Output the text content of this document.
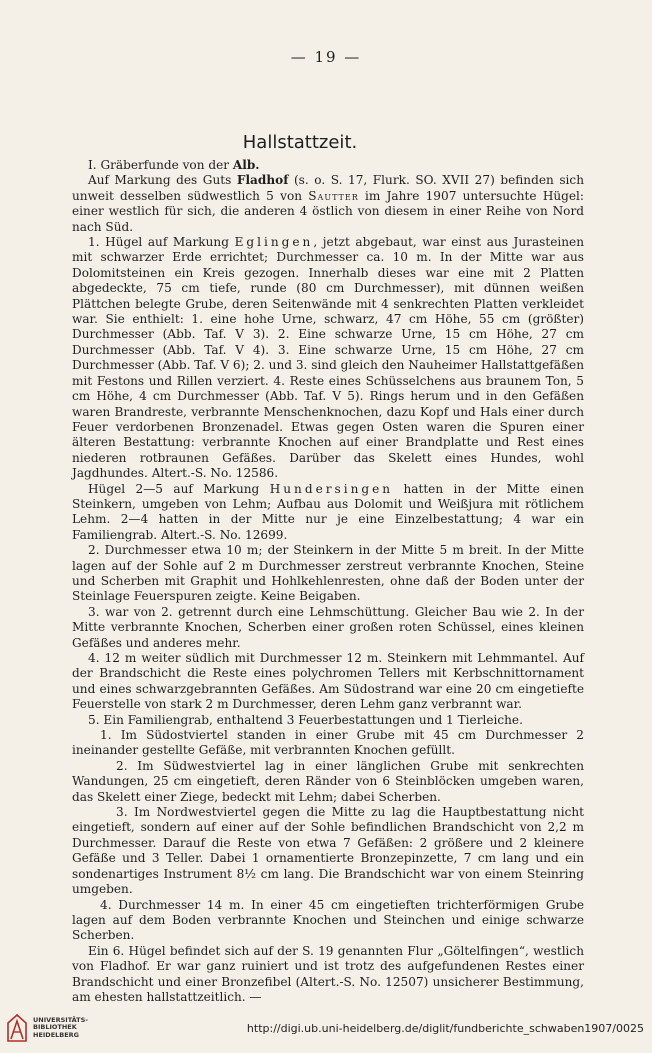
— 19 —
Hallstattzeit.

I. Gräberfunde von der Alb.

Auf Markung des Guts Fladhof (s. o. S. 17, Flurk. SO. XVII 27) befinden sich unweit desselben südwestlich 5 von Sautter im Jahre 1907 untersuchte Hügel: einer westlich für sich, die anderen 4 östlich von diesem in einer Reihe von Nord nach Süd.

1. Hügel auf Markung Eglingen, jetzt abgebaut, war einst aus Jurasteinen mit schwarzer Erde errichtet; Durchmesser ca. 10 m. In der Mitte war aus Dolomitsteinen ein Kreis gezogen. Innerhalb dieses war eine mit 2 Platten abgedeckte, 75 cm tiefe, runde (80 cm Durchmesser), mit dünnen weißen Plättchen belegte Grube, deren Seitenwände mit 4 senkrechten Platten verkleidet war. Sie enthielt: 1. eine hohe Urne, schwarz, 47 cm Höhe, 55 cm (größter) Durchmesser (Abb. Taf. V 3). 2. Eine schwarze Urne, 15 cm Höhe, 27 cm Durchmesser (Abb. Taf. V 4). 3. Eine schwarze Urne, 15 cm Höhe, 27 cm Durchmesser (Abb. Taf. V 6); 2. und 3. sind gleich den Nauheimer Hallstattgefäßen mit Festons und Rillen verziert. 4. Reste eines Schüsselchens aus braunem Ton, 5 cm Höhe, 4 cm Durchmesser (Abb. Taf. V 5). Rings herum und in den Gefäßen waren Brandreste, verbrannte Menschenknochen, dazu Kopf und Hals einer durch Feuer verdorbenen Bronzenadel. Etwas gegen Osten waren die Spuren einer älteren Bestattung: verbrannte Knochen auf einer Brandplatte und Rest eines niederen rotbraunen Gefäßes. Darüber das Skelett eines Hundes, wohl Jagdhundes. Altert.-S. No. 12586.

Hügel 2—5 auf Markung Hundersingen hatten in der Mitte einen Steinkern, umgeben von Lehm; Aufbau aus Dolomit und Weißjura mit rötlichem Lehm. 2—4 hatten in der Mitte nur je eine Einzelbestattung; 4 war ein Familiengrab. Altert.-S. No. 12699.

2. Durchmesser etwa 10 m; der Steinkern in der Mitte 5 m breit. In der Mitte lagen auf der Sohle auf 2 m Durchmesser zerstreut verbrannte Knochen, Steine und Scherben mit Graphit und Hohlkehlenresten, ohne daß der Boden unter der Steinlage Feuerspuren zeigte. Keine Beigaben.

3. war von 2. getrennt durch eine Lehmschüttung. Gleicher Bau wie 2. In der Mitte verbrannte Knochen, Scherben einer großen roten Schüssel, eines kleinen Gefäßes und anderes mehr.

4. 12 m weiter südlich mit Durchmesser 12 m. Steinkern mit Lehmmantel. Auf der Brandschicht die Reste eines polychromen Tellers mit Kerbschnittornament und eines schwarzgebrannten Gefäßes. Am Südostrand war eine 20 cm eingetiefte Feuerstelle von stark 2 m Durchmesser, deren Lehm ganz verbrannt war.

5. Ein Familiengrab, enthaltend 3 Feuerbestattungen und 1 Tierleiche.

1. Im Südostviertel standen in einer Grube mit 45 cm Durchmesser 2 ineinander gestellte Gefäße, mit verbrannten Knochen gefüllt.

2. Im Südwestviertel lag in einer länglichen Grube mit senkrechten Wandungen, 25 cm eingetieft, deren Ränder von 6 Steinblöcken umgeben waren, das Skelett einer Ziege, bedeckt mit Lehm; dabei Scherben.

3. Im Nordwestviertel gegen die Mitte zu lag die Hauptbestattung nicht eingetieft, sondern auf einer auf der Sohle befindlichen Brandschicht von 2,2 m Durchmesser. Darauf die Reste von etwa 7 Gefäßen: 2 größere und 2 kleinere Gefäße und 3 Teller. Dabei 1 ornamentierte Bronzepinzette, 7 cm lang und ein sondenartiges Instrument 8½ cm lang. Die Brandschicht war von einem Steinring umgeben.

4. Durchmesser 14 m. In einer 45 cm eingetieften trichterförmigen Grube lagen auf dem Boden verbrannte Knochen und Steinchen und einige schwarze Scherben.

Ein 6. Hügel befindet sich auf der S. 19 genannten Flur „Göltelfingen“, westlich von Fladhof. Er war ganz ruiniert und ist trotz des aufgefundenen Restes einer Brandschicht und einer Bronzefibel (Altert.-S. No. 12507) unsicherer Bestimmung, am ehesten hallstattzeitlich. —

UNIVERSITÄTS-
BIBLIOTHEK
HEIDELBERG	http://digi.ub.uni-heidelberg.de/diglit/fundberichte_schwaben1907/0025
